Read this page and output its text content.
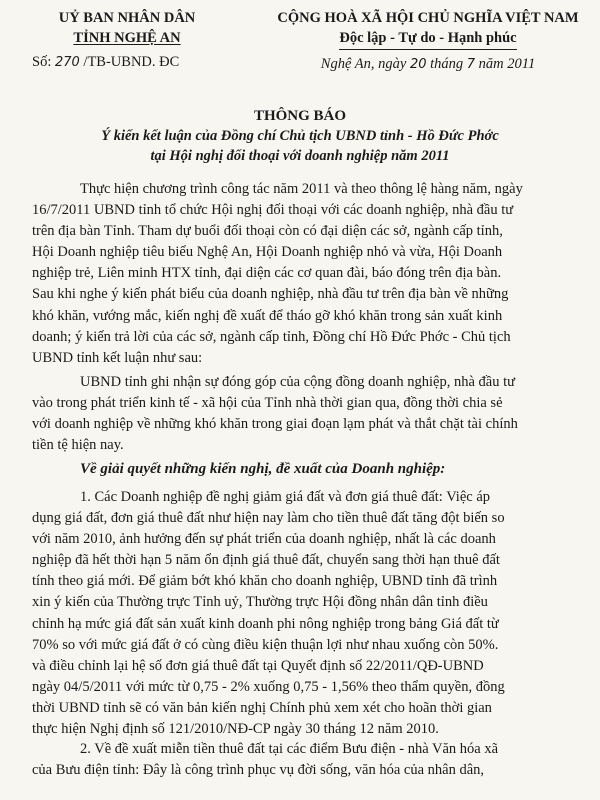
UỶ BAN NHÂN DÂN
TỈNH NGHỆ AN
Số: 270 /TB-UBND. ĐC
CỘNG HOÀ XÃ HỘI CHỦ NGHĨA VIỆT NAM
Độc lập - Tự do - Hạnh phúc
Nghệ An, ngày 20 tháng 7 năm 2011
THÔNG BÁO
Ý kiến kết luận của Đồng chí Chủ tịch UBND tỉnh - Hồ Đức Phớc
tại Hội nghị đối thoại với doanh nghiệp năm 2011
Thực hiện chương trình công tác năm 2011 và theo thông lệ hàng năm, ngày
16/7/2011 UBND tỉnh tổ chức Hội nghị đối thoại với các doanh nghiệp, nhà đầu tư
trên địa bàn Tỉnh. Tham dự buổi đối thoại còn có đại diện các sở, ngành cấp tỉnh,
Hội Doanh nghiệp tiêu biểu Nghệ An, Hội Doanh nghiệp nhỏ và vừa, Hội Doanh
nghiệp trẻ, Liên minh HTX tỉnh, đại diện các cơ quan đài, báo đóng trên địa bàn.
Sau khi nghe ý kiến phát biểu của doanh nghiệp, nhà đầu tư trên địa bàn về những
khó khăn, vướng mắc, kiến nghị đề xuất để tháo gỡ khó khăn trong sản xuất kinh
doanh; ý kiến trả lời của các sở, ngành cấp tỉnh, Đồng chí Hồ Đức Phớc - Chủ tịch
UBND tỉnh kết luận như sau:
UBND tỉnh ghi nhận sự đóng góp của cộng đồng doanh nghiệp, nhà đầu tư
vào trong phát triển kinh tế - xã hội của Tỉnh nhà thời gian qua, đồng thời chia sẻ
với doanh nghiệp về những khó khăn trong giai đoạn lạm phát và thắt chặt tài chính
tiền tệ hiện nay.
Về giải quyết những kiến nghị, đề xuất của Doanh nghiệp:
1. Các Doanh nghiệp đề nghị giảm giá đất và đơn giá thuê đất: Việc áp
dụng giá đất, đơn giá thuê đất như hiện nay làm cho tiền thuê đất tăng đột biến so
với năm 2010, ảnh hưởng đến sự phát triển của doanh nghiệp, nhất là các doanh
nghiệp đã hết thời hạn 5 năm ổn định giá thuê đất, chuyển sang thời hạn thuê đất
tính theo giá mới. Để giảm bớt khó khăn cho doanh nghiệp, UBND tỉnh đã trình
xin ý kiến của Thường trực Tỉnh uỷ, Thường trực Hội đồng nhân dân tỉnh điều
chỉnh hạ mức giá đất sản xuất kinh doanh phi nông nghiệp trong bảng Giá đất từ
70% so với mức giá đất ở có cùng điều kiện thuận lợi như nhau xuống còn 50%.
và điều chỉnh lại hệ số đơn giá thuê đất tại Quyết định số 22/2011/QĐ-UBND
ngày 04/5/2011 với mức từ 0,75 - 2% xuống 0,75 - 1,56% theo thẩm quyền, đồng
thời UBND tỉnh sẽ có văn bản kiến nghị Chính phủ xem xét cho hoãn thời gian
thực hiện Nghị định số 121/2010/NĐ-CP ngày 30 tháng 12 năm 2010.
2. Về đề xuất miễn tiền thuê đất tại các điểm Bưu điện - nhà Văn hóa xã
của Bưu điện tỉnh: Đây là công trình phục vụ đời sống, văn hóa của nhân dân,
